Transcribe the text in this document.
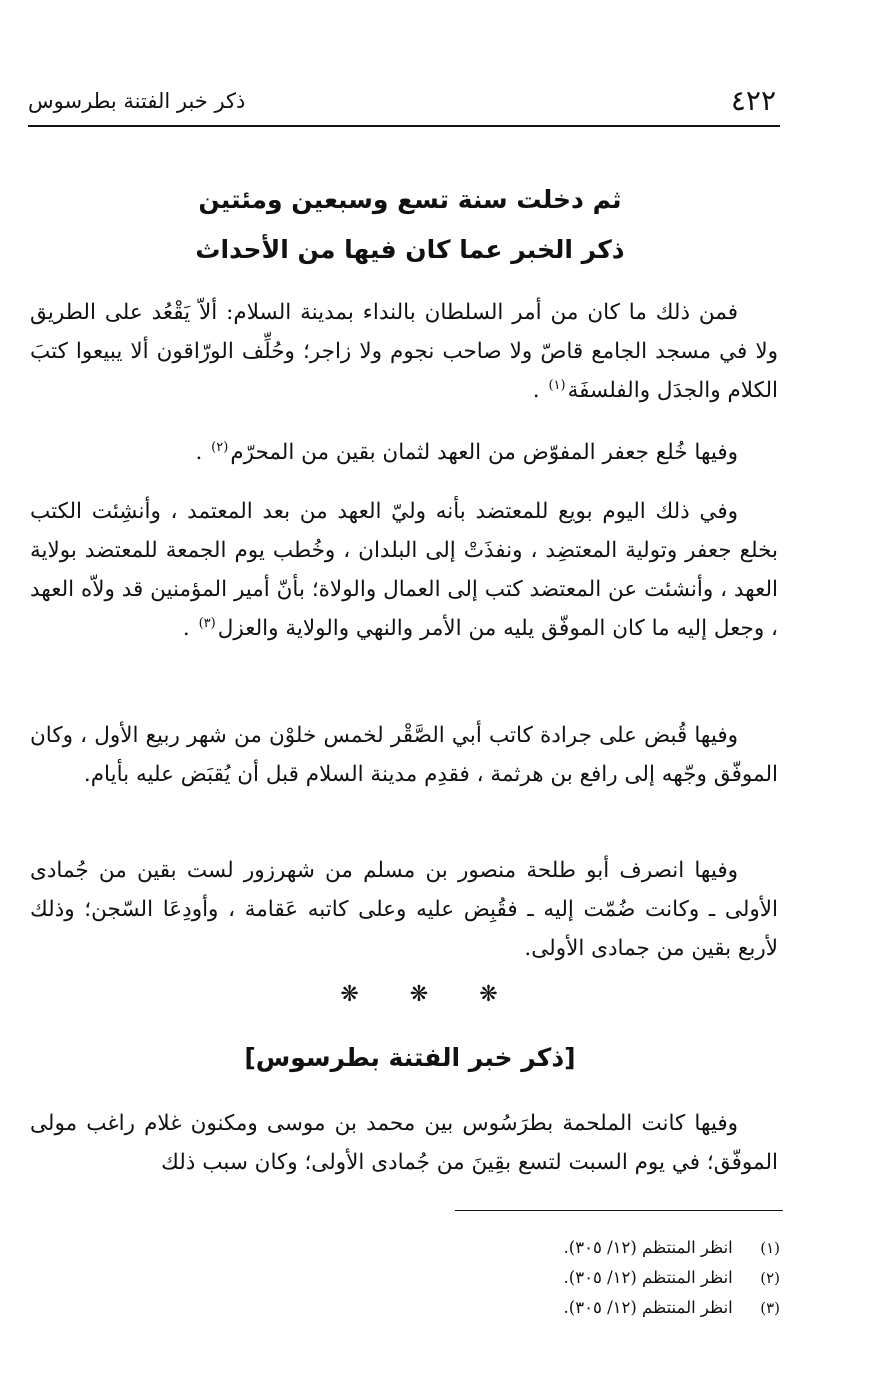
٤٢٢
ذكر خبر الفتنة بطرسوس
ثم دخلت سنة تسع وسبعين ومئتين
ذكر الخبر عما كان فيها من الأحداث
فمن ذلك ما كان من أمر السلطان بالنداء بمدينة السلام: ألاّ يَقْعُد على الطريق ولا في مسجد الجامع قاصّ ولا صاحب نجوم ولا زاجر؛ وحُلِّف الورّاقون ألا يبيعوا كتبَ الكلام والجدَل والفلسفَة$^{(١)}$ .
وفيها خُلع جعفر المفوّض من العهد لثمان بقين من المحرّم$^{(٢)}$ .
وفي ذلك اليوم بويع للمعتضد بأنه وليّ العهد من بعد المعتمد ، وأنشِئت الكتب بخلع جعفر وتولية المعتضِد ، ونفذَتْ إلى البلدان ، وخُطب يوم الجمعة للمعتضد بولاية العهد ، وأنشئت عن المعتضد كتب إلى العمال والولاة؛ بأنّ أمير المؤمنين قد ولاّه العهد ، وجعل إليه ما كان الموفّق يليه من الأمر والنهي والولاية والعزل$^{(٣)}$ .
وفيها قُبض على جرادة كاتب أبي الصَّقْر لخمس خلوْن من شهر ربيع الأول ، وكان الموفّق وجّهه إلى رافع بن هرثمة ، فقدِم مدينة السلام قبل أن يُقبَض عليه بأيام.
وفيها انصرف أبو طلحة منصور بن مسلم من شهرزور لست بقين من جُمادى الأولى ـ وكانت ضُمّت إليه ـ فقُبِض عليه وعلى كاتبه عَقامة ، وأودِعَا السّجن؛ وذلك لأربع بقين من جمادى الأولى.
❋ ❋ ❋
[ذكر خبر الفتنة بطرسوس]
وفيها كانت الملحمة بطرَسُوس بين محمد بن موسى ومكنون غلام راغب مولى الموفّق؛ في يوم السبت لتسع بقِينَ من جُمادى الأولى؛ وكان سبب ذلك
(١) انظر المنتظم (١٢/ ٣٠٥).
(٢) انظر المنتظم (١٢/ ٣٠٥).
(٣) انظر المنتظم (١٢/ ٣٠٥).
